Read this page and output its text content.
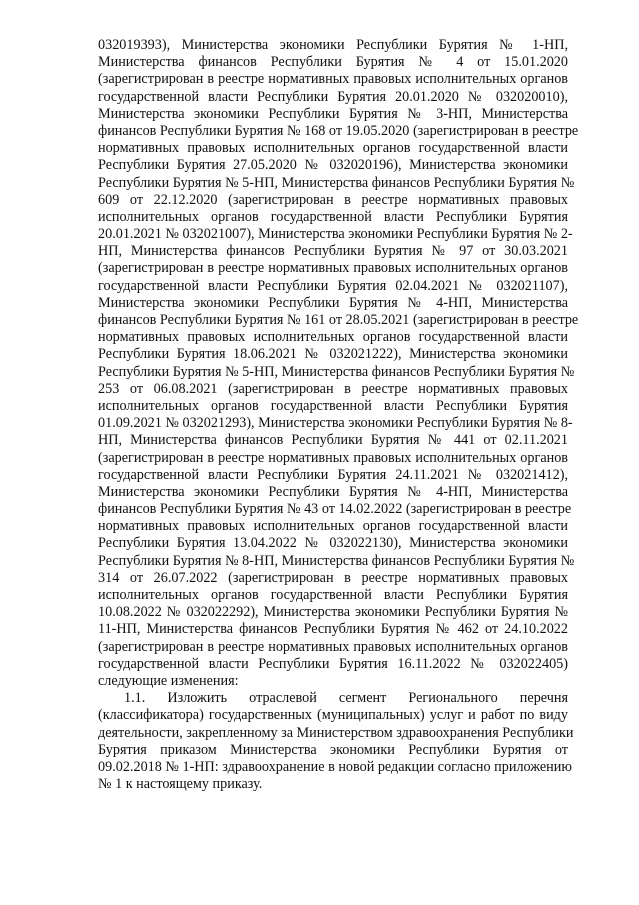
032019393), Министерства экономики Республики Бурятия № 1-НП,
Министерства финансов Республики Бурятия № 4 от 15.01.2020
(зарегистрирован в реестре нормативных правовых исполнительных органов
государственной власти Республики Бурятия 20.01.2020 № 032020010),
Министерства экономики Республики Бурятия № 3-НП, Министерства
финансов Республики Бурятия № 168 от 19.05.2020 (зарегистрирован в реестре
нормативных правовых исполнительных органов государственной власти
Республики Бурятия 27.05.2020 № 032020196), Министерства экономики
Республики Бурятия № 5-НП, Министерства финансов Республики Бурятия №
609 от 22.12.2020 (зарегистрирован в реестре нормативных правовых
исполнительных органов государственной власти Республики Бурятия
20.01.2021 № 032021007), Министерства экономики Республики Бурятия № 2-
НП, Министерства финансов Республики Бурятия № 97 от 30.03.2021
(зарегистрирован в реестре нормативных правовых исполнительных органов
государственной власти Республики Бурятия 02.04.2021 № 032021107),
Министерства экономики Республики Бурятия № 4-НП, Министерства
финансов Республики Бурятия № 161 от 28.05.2021 (зарегистрирован в реестре
нормативных правовых исполнительных органов государственной власти
Республики Бурятия 18.06.2021 № 032021222), Министерства экономики
Республики Бурятия № 5-НП, Министерства финансов Республики Бурятия №
253 от 06.08.2021 (зарегистрирован в реестре нормативных правовых
исполнительных органов государственной власти Республики Бурятия
01.09.2021 № 032021293), Министерства экономики Республики Бурятия № 8-
НП, Министерства финансов Республики Бурятия № 441 от 02.11.2021
(зарегистрирован в реестре нормативных правовых исполнительных органов
государственной власти Республики Бурятия 24.11.2021 № 032021412),
Министерства экономики Республики Бурятия № 4-НП, Министерства
финансов Республики Бурятия № 43 от 14.02.2022 (зарегистрирован в реестре
нормативных правовых исполнительных органов государственной власти
Республики Бурятия 13.04.2022 № 032022130), Министерства экономики
Республики Бурятия № 8-НП, Министерства финансов Республики Бурятия №
314 от 26.07.2022 (зарегистрирован в реестре нормативных правовых
исполнительных органов государственной власти Республики Бурятия
10.08.2022 № 032022292), Министерства экономики Республики Бурятия №
11-НП, Министерства финансов Республики Бурятия № 462 от 24.10.2022
(зарегистрирован в реестре нормативных правовых исполнительных органов
государственной власти Республики Бурятия 16.11.2022 № 032022405)
следующие изменения:
1.1. Изложить отраслевой сегмент Регионального перечня
(классификатора) государственных (муниципальных) услуг и работ по виду
деятельности, закрепленному за Министерством здравоохранения Республики
Бурятия приказом Министерства экономики Республики Бурятия от
09.02.2018 № 1-НП: здравоохранение в новой редакции согласно приложению
№ 1 к настоящему приказу.
